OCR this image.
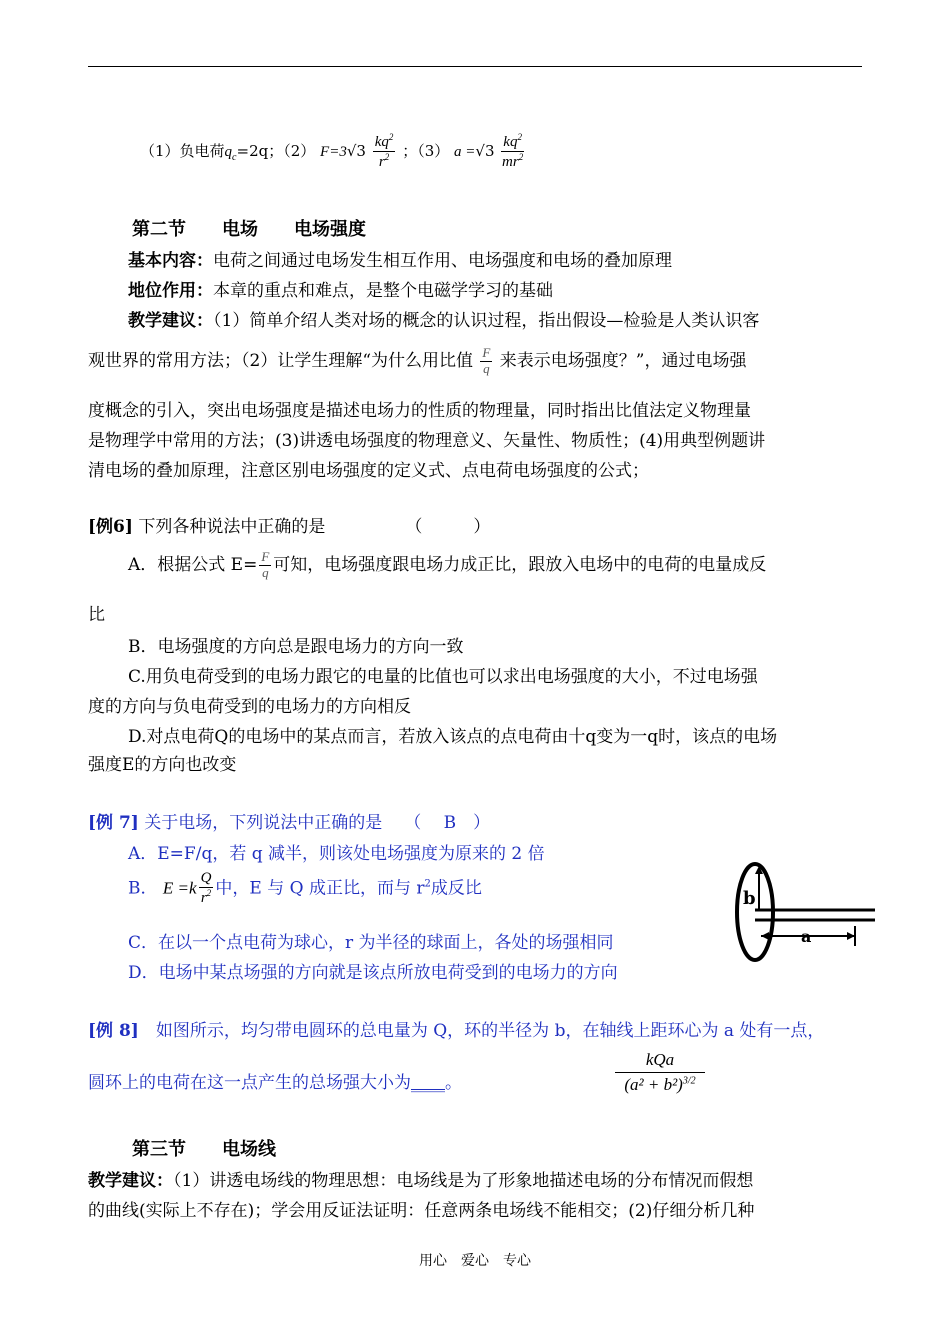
（1）负电荷$q_c=2q$；（2） $F=3√3 \frac{kq^2}{r^2}$ ；（3） $a =√3 \frac{kq^2}{mr^2}$
第二节　　电场　　电场强度
基本内容：电荷之间通过电场发生相互作用、电场强度和电场的叠加原理
地位作用：本章的重点和难点，是整个电磁学学习的基础
教学建议：（1）简单介绍人类对场的概念的认识过程，指出假设—检验是人类认识客
观世界的常用方法；（2）让学生理解“为什么用比值 $\frac{F}{q}$ 来表示电场强度？”，通过电场强
度概念的引入，突出电场强度是描述电场力的性质的物理量，同时指出比值法定义物理量
是物理学中常用的方法；(3)讲透电场强度的物理意义、矢量性、物质性；(4)用典型例题讲
清电场的叠加原理，注意区别电场强度的定义式、点电荷电场强度的公式；
[例6] 下列各种说法中正确的是	（　　　）
A．根据公式 $E= \frac{F}{q}$ 可知，电场强度跟电场力成正比，跟放入电场中的电荷的电量成反
比
B．电场强度的方向总是跟电场力的方向一致
C.用负电荷受到的电场力跟它的电量的比值也可以求出电场强度的大小，不过电场强
度的方向与负电荷受到的电场力的方向相反
D.对点电荷Q的电场中的某点而言，若放入该点的点电荷由十q变为一q时，该点的电场
强度E的方向也改变
[例 7] 关于电场，下列说法中正确的是 （　 B　）
A．E=F/q，若 q 减半，则该处电场强度为原来的 2 倍
B． $E =k \frac{Q}{r^2}$ 中，E 与 Q 成正比，而与 $r^2$成反比
C．在以一个点电荷为球心，r 为半径的球面上，各处的场强相同
D．电场中某点场强的方向就是该点所放电荷受到的电场力的方向
b
a
[例 8]　如图所示，均匀带电圆环的总电量为 Q，环的半径为 b，在轴线上距环心为 a 处有一点，
圆环上的电荷在这一点产生的总场强大小为____。
kQa
$(a^2 + b^2)^{3/2}$
第三节　　电场线
教学建议：（1）讲透电场线的物理思想：电场线是为了形象地描述电场的分布情况而假想
的曲线(实际上不存在)；学会用反证法证明：任意两条电场线不能相交；(2)仔细分析几种
用心　爱心　专心
